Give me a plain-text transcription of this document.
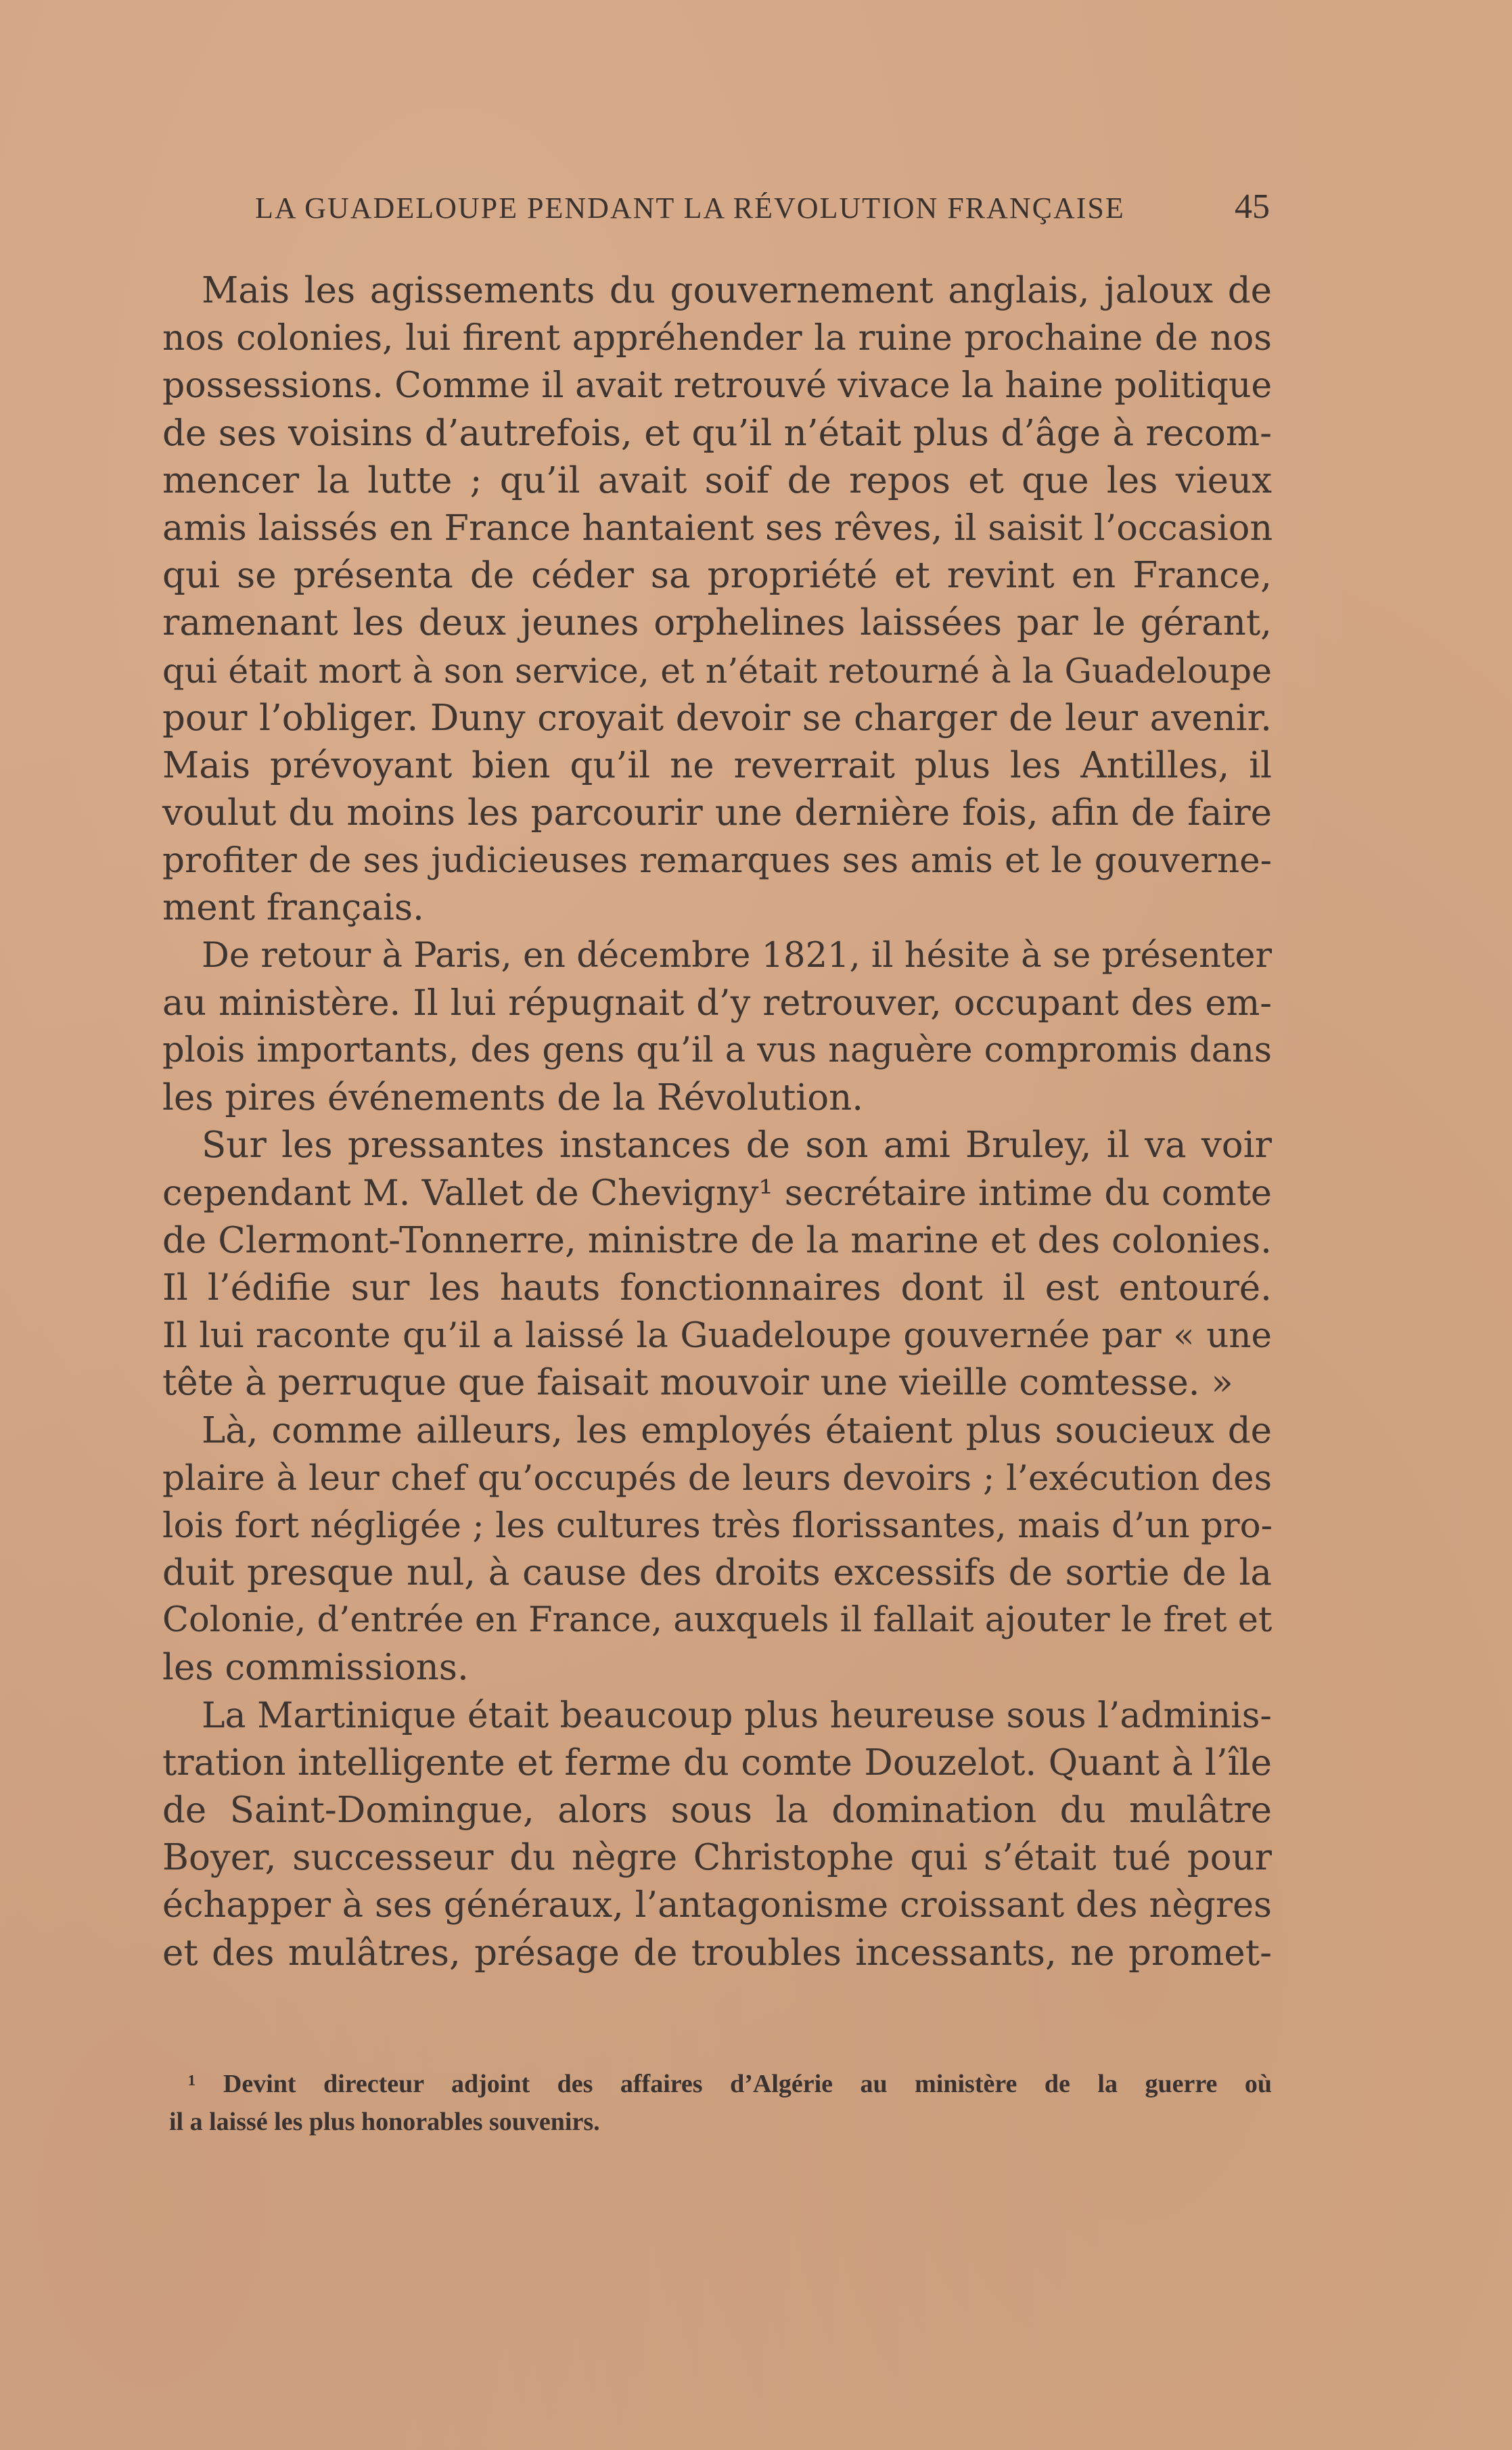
LA GUADELOUPE PENDANT LA RÉVOLUTION FRANÇAISE	45
Mais les agissements du gouvernement anglais, jaloux de
nos colonies, lui firent appréhender la ruine prochaine de nos
possessions. Comme il avait retrouvé vivace la haine politique
de ses voisins d’autrefois, et qu’il n’était plus d’âge à recom-
mencer la lutte ; qu’il avait soif de repos et que les vieux
amis laissés en France hantaient ses rêves, il saisit l’occasion
qui se présenta de céder sa propriété et revint en France,
ramenant les deux jeunes orphelines laissées par le gérant,
qui était mort à son service, et n’était retourné à la Guadeloupe
pour l’obliger. Duny croyait devoir se charger de leur avenir.
Mais prévoyant bien qu’il ne reverrait plus les Antilles, il
voulut du moins les parcourir une dernière fois, afin de faire
profiter de ses judicieuses remarques ses amis et le gouverne-
ment français.
De retour à Paris, en décembre 1821, il hésite à se présenter
au ministère. Il lui répugnait d’y retrouver, occupant des em-
plois importants, des gens qu’il a vus naguère compromis dans
les pires événements de la Révolution.
Sur les pressantes instances de son ami Bruley, il va voir
cependant M. Vallet de Chevigny¹ secrétaire intime du comte
de Clermont-Tonnerre, ministre de la marine et des colonies.
Il l’édifie sur les hauts fonctionnaires dont il est entouré.
Il lui raconte qu’il a laissé la Guadeloupe gouvernée par « une
tête à perruque que faisait mouvoir une vieille comtesse. »
Là, comme ailleurs, les employés étaient plus soucieux de
plaire à leur chef qu’occupés de leurs devoirs ; l’exécution des
lois fort négligée ; les cultures très florissantes, mais d’un pro-
duit presque nul, à cause des droits excessifs de sortie de la
Colonie, d’entrée en France, auxquels il fallait ajouter le fret et
les commissions.
La Martinique était beaucoup plus heureuse sous l’adminis-
tration intelligente et ferme du comte Douzelot. Quant à l’île
de Saint-Domingue, alors sous la domination du mulâtre
Boyer, successeur du nègre Christophe qui s’était tué pour
échapper à ses généraux, l’antagonisme croissant des nègres
et des mulâtres, présage de troubles incessants, ne promet-
¹ Devint directeur adjoint des affaires d’Algérie au ministère de la guerre où
il a laissé les plus honorables souvenirs.
